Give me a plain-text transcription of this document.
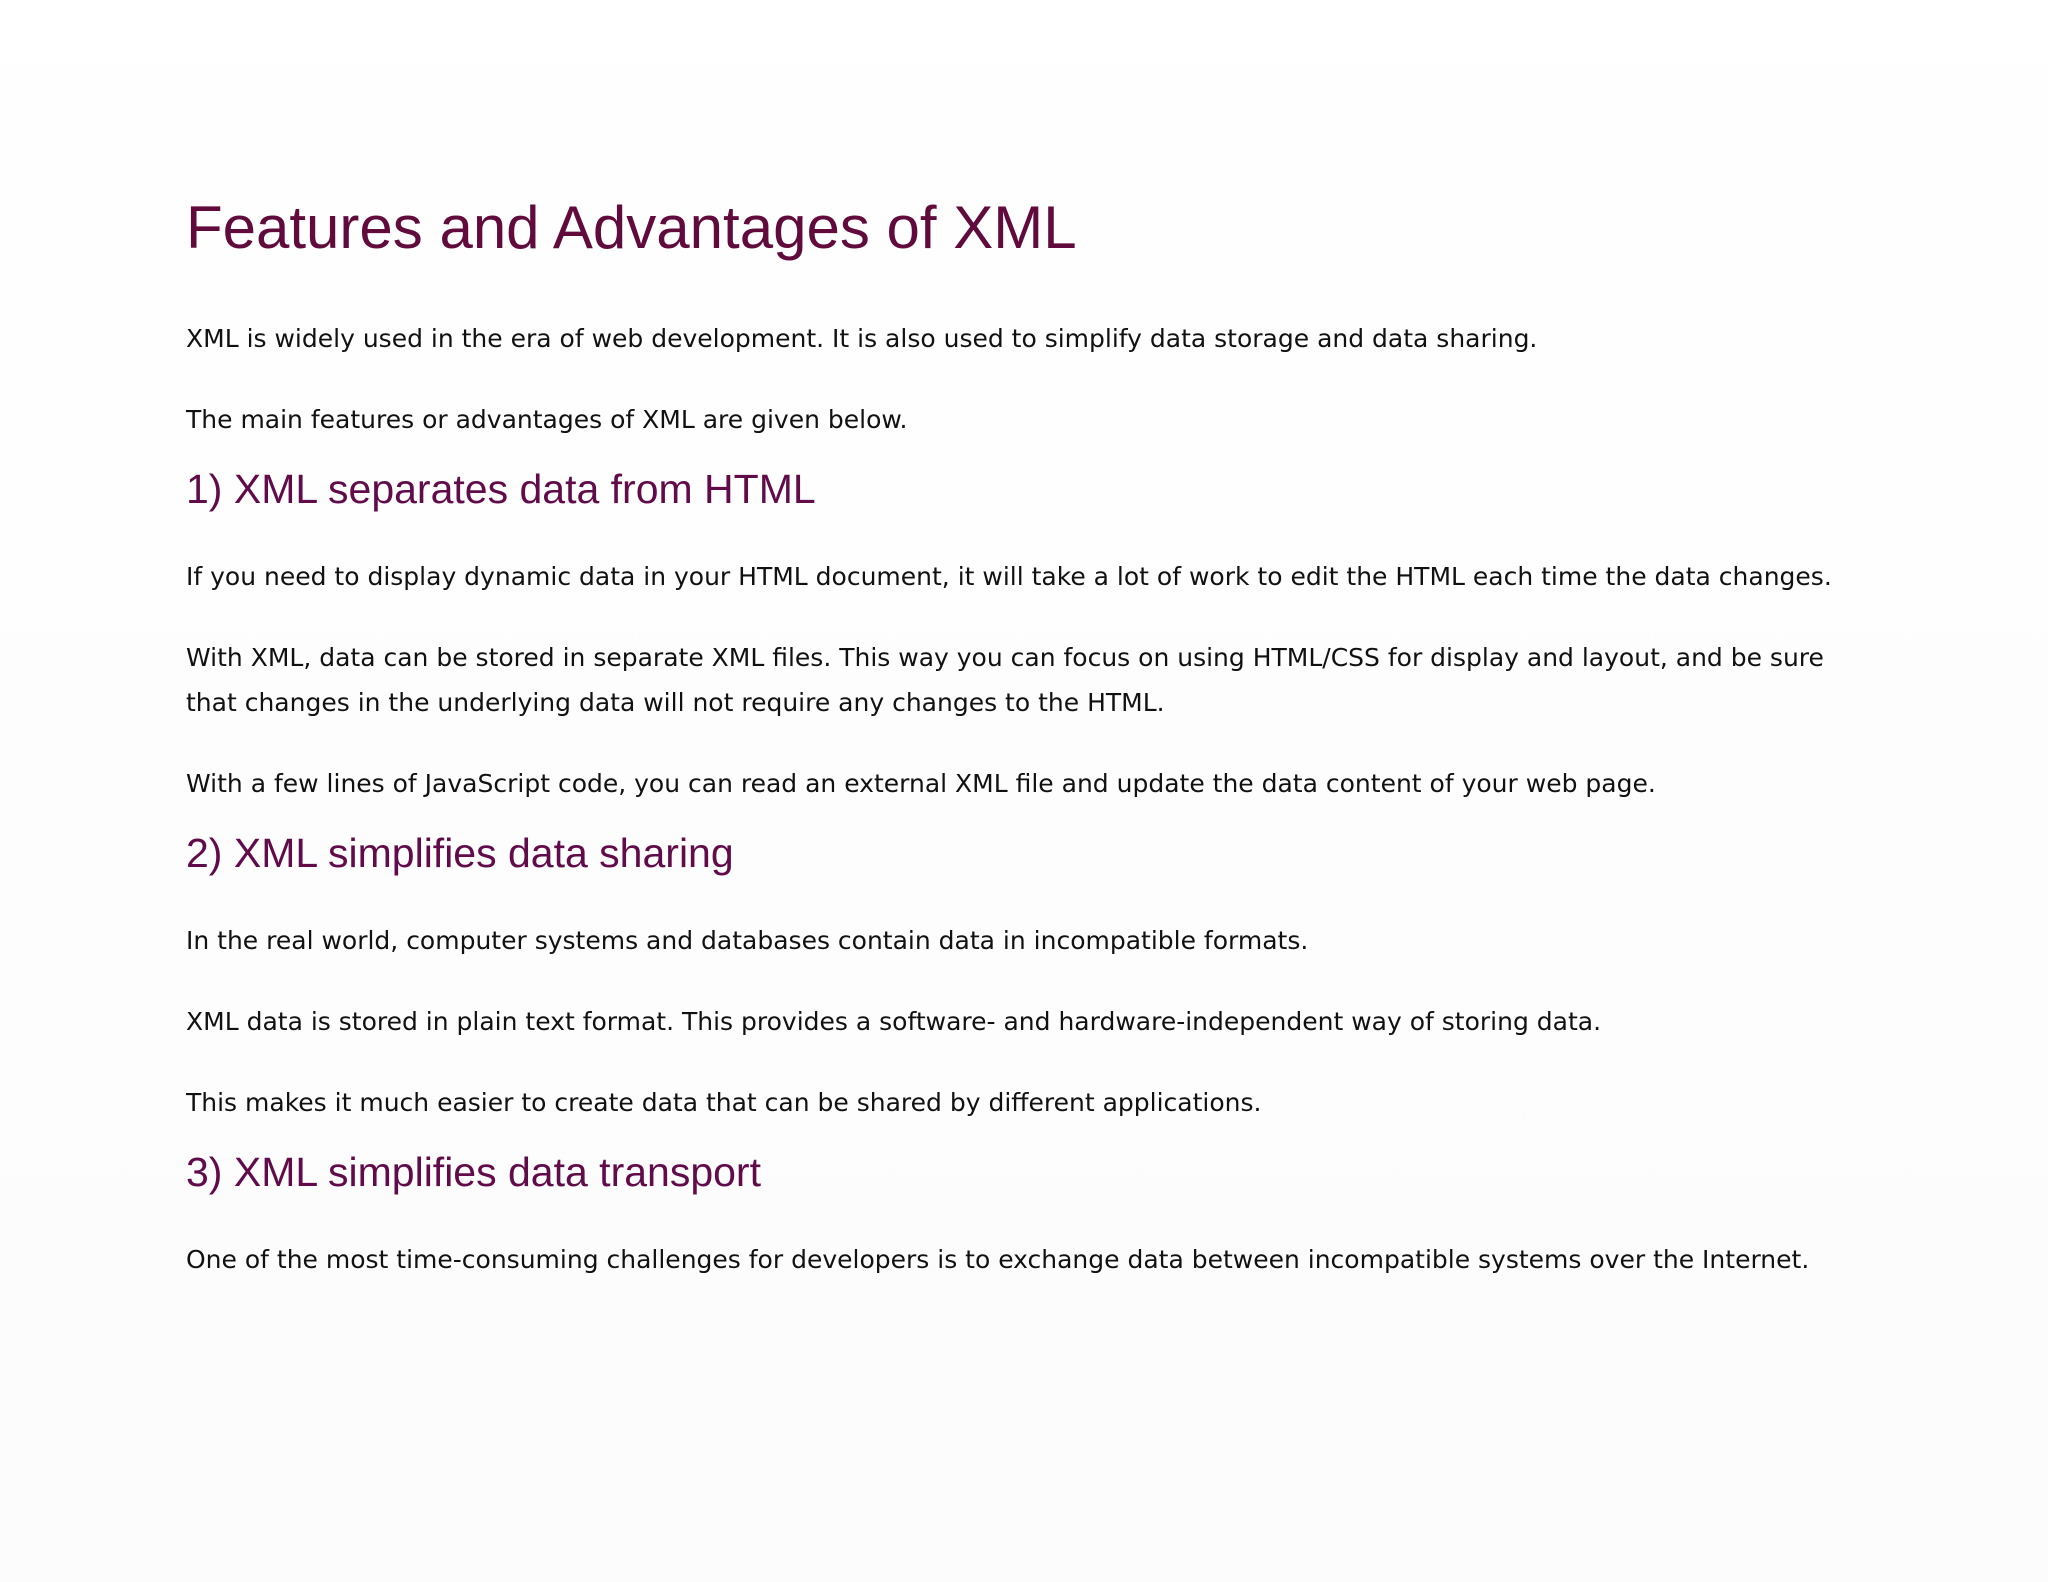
Features and Advantages of XML

XML is widely used in the era of web development. It is also used to simplify data storage and data sharing.

The main features or advantages of XML are given below.

1) XML separates data from HTML

If you need to display dynamic data in your HTML document, it will take a lot of work to edit the HTML each time the data changes.

With XML, data can be stored in separate XML files. This way you can focus on using HTML/CSS for display and layout, and be sure that changes in the underlying data will not require any changes to the HTML.

With a few lines of JavaScript code, you can read an external XML file and update the data content of your web page.

2) XML simplifies data sharing

In the real world, computer systems and databases contain data in incompatible formats.

XML data is stored in plain text format. This provides a software- and hardware-independent way of storing data.

This makes it much easier to create data that can be shared by different applications.

3) XML simplifies data transport

One of the most time-consuming challenges for developers is to exchange data between incompatible systems over the Internet.
